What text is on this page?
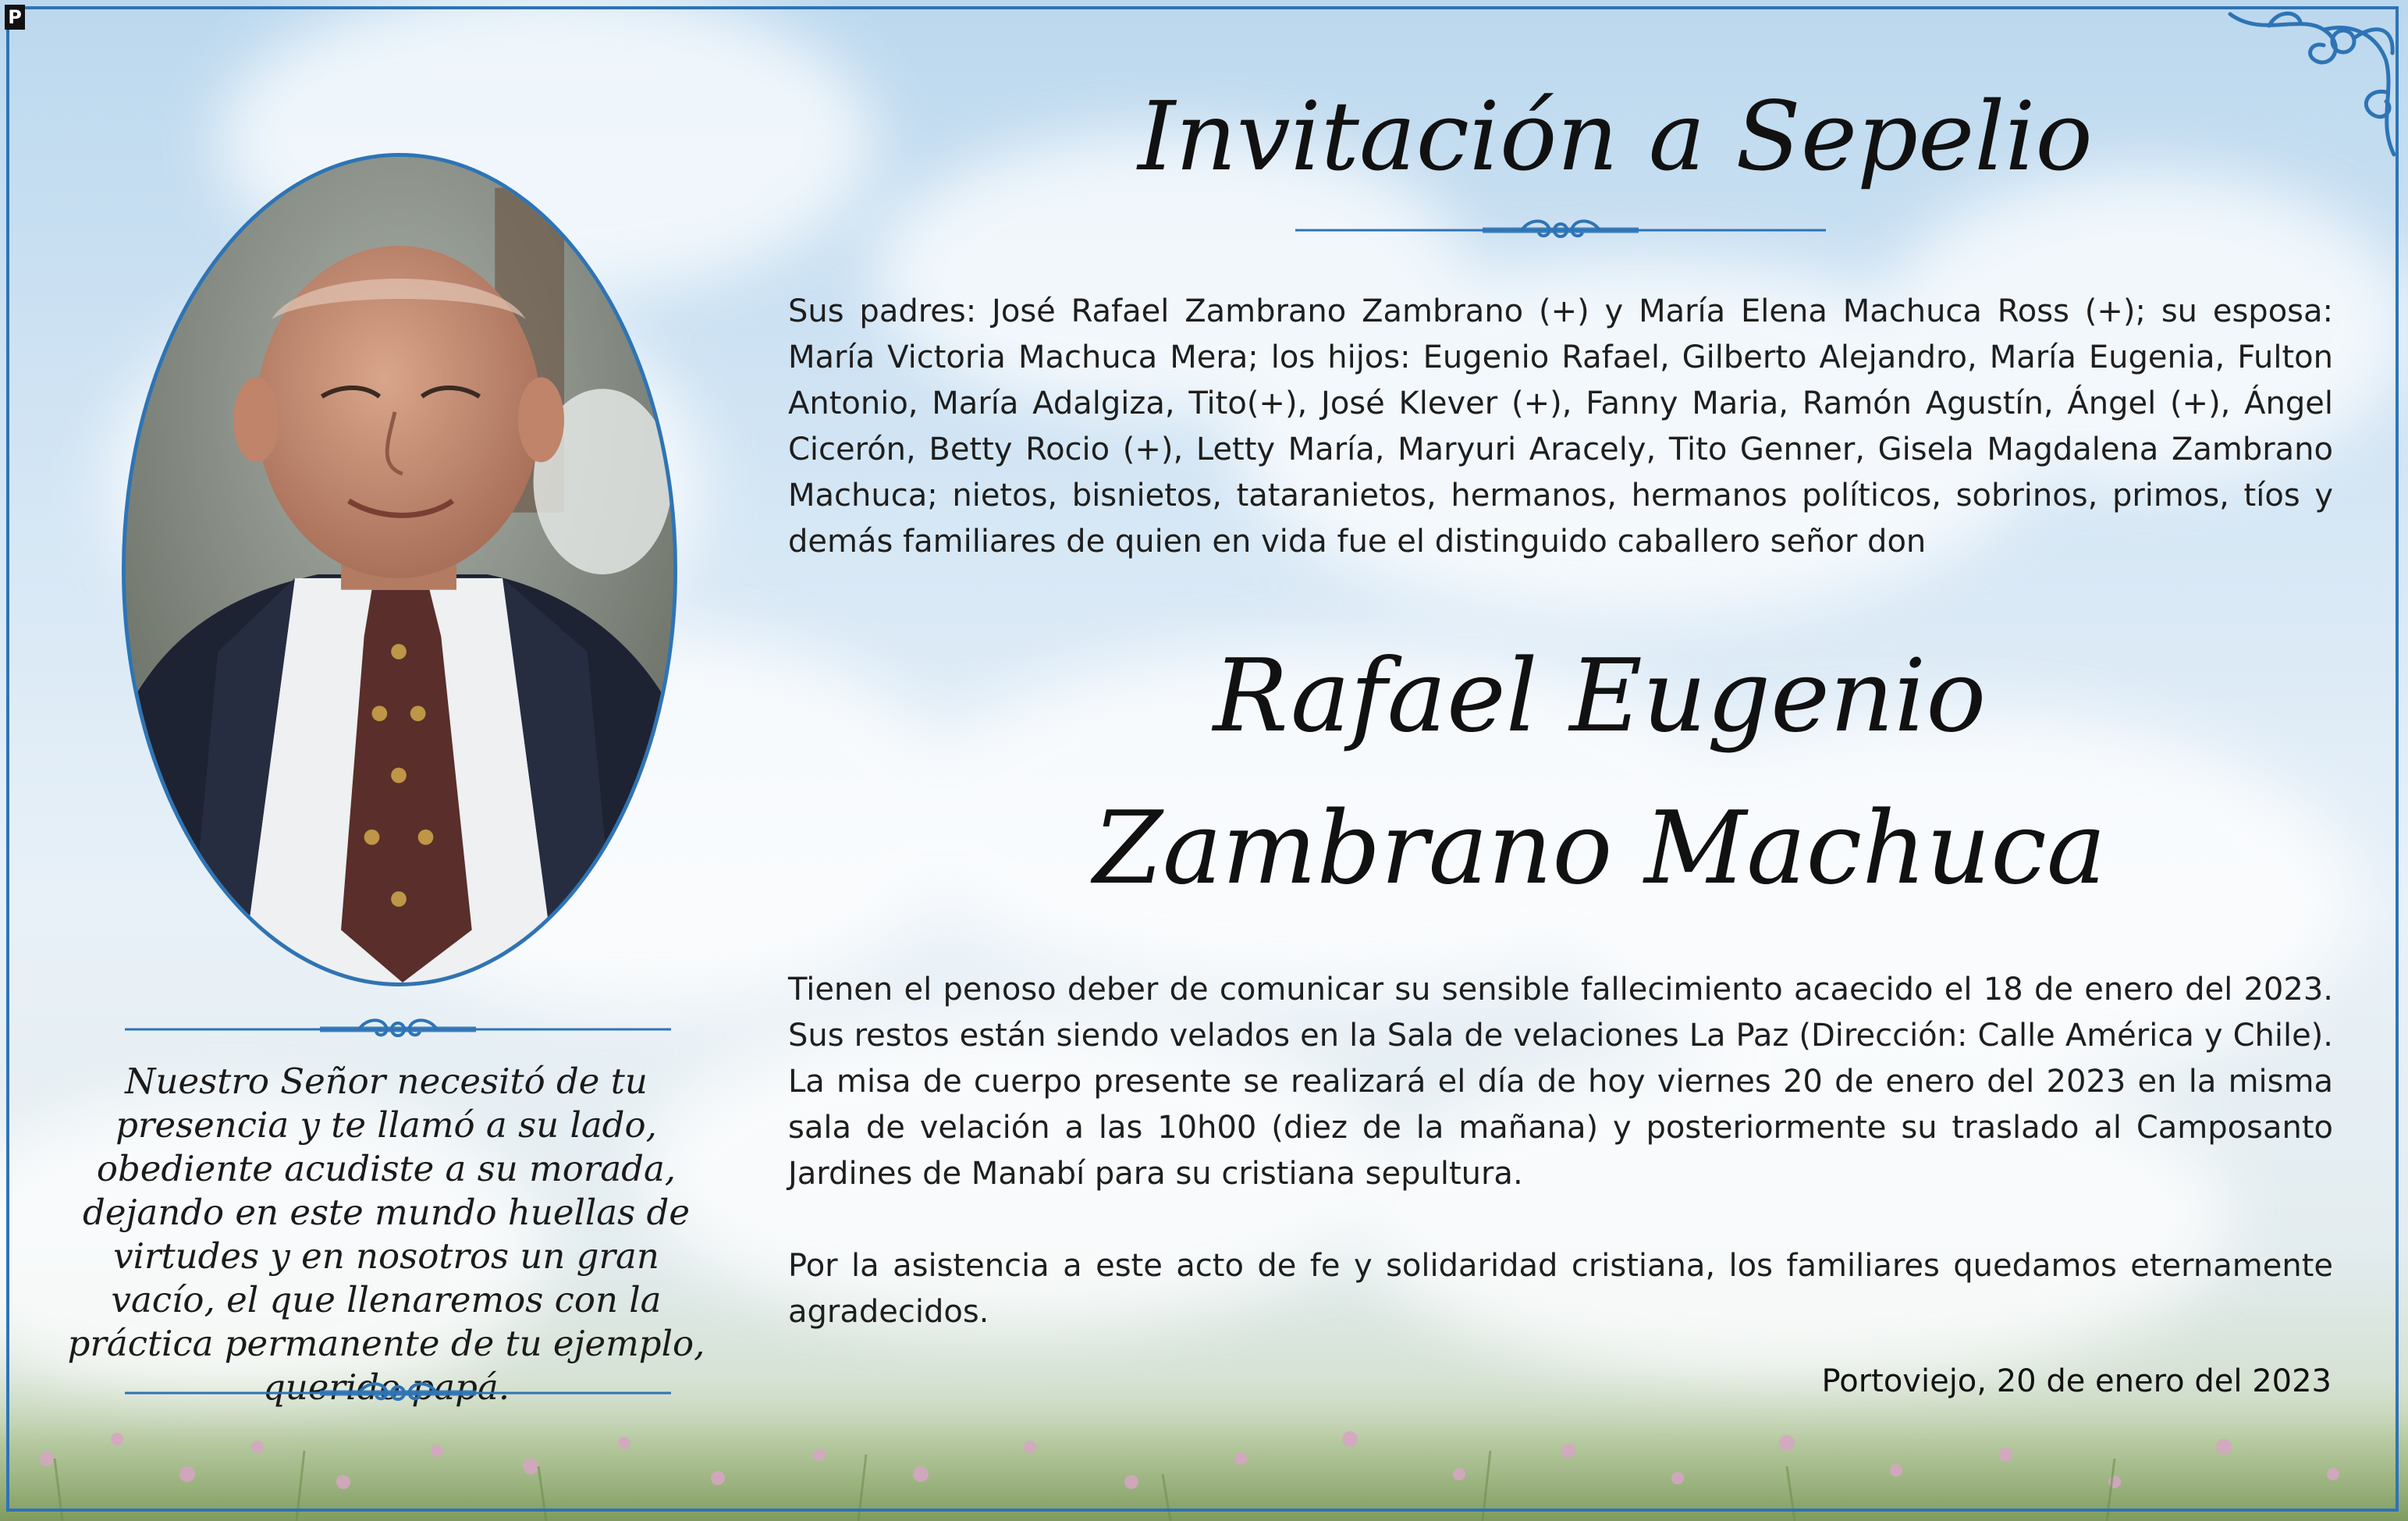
P

Nuestro Señor necesitó de tu presencia y te llamó a su lado, obediente acudiste a su morada, dejando en este mundo huellas de virtudes y en nosotros un gran vacío, el que llenaremos con la práctica permanente de tu ejemplo, querido papá.

Invitación a Sepelio

Sus padres: José Rafael Zambrano Zambrano (+) y María Elena Machuca Ross (+); su esposa: María Victoria Machuca Mera; los hijos: Eugenio Rafael, Gilberto Alejandro, María Eugenia, Fulton Antonio, María Adalgiza, Tito(+), José Klever (+), Fanny Maria, Ramón Agustín, Ángel (+), Ángel Cicerón, Betty Rocio (+), Letty María, Maryuri Aracely, Tito Genner, Gisela Magdalena Zambrano Machuca; nietos, bisnietos, tataranietos, hermanos, hermanos políticos, sobrinos, primos, tíos y demás familiares de quien en vida fue el distinguido caballero señor don

Rafael Eugenio
Zambrano Machuca

Tienen el penoso deber de comunicar su sensible fallecimiento acaecido el 18 de enero del 2023. Sus restos están siendo velados en la Sala de velaciones La Paz (Dirección: Calle América y Chile). La misa de cuerpo presente se realizará el día de hoy viernes 20 de enero del 2023 en la misma sala de velación a las 10h00 (diez de la mañana) y posteriormente su traslado al Camposanto Jardines de Manabí para su cristiana sepultura.

Por la asistencia a este acto de fe y solidaridad cristiana, los familiares quedamos eternamente agradecidos.

Portoviejo, 20 de enero del 2023
